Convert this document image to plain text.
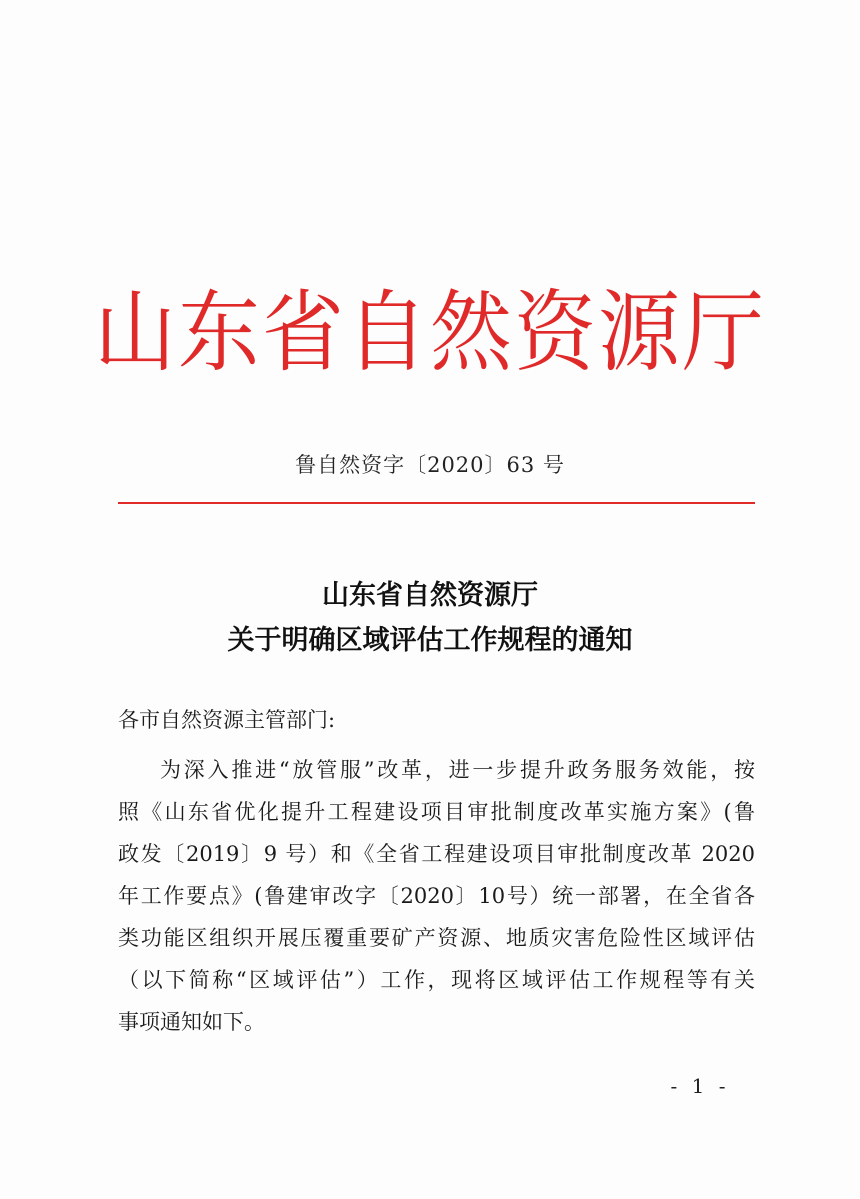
山东省自然资源厅
鲁自然资字〔2020〕63 号
山东省自然资源厅
关于明确区域评估工作规程的通知
各市自然资源主管部门:
为深入推进“放管服”改革，进一步提升政务服务效能，按
照《山东省优化提升工程建设项目审批制度改革实施方案》(鲁
政发〔2019〕9 号）和《全省工程建设项目审批制度改革 2020
年工作要点》(鲁建审改字〔2020〕10号）统一部署，在全省各
类功能区组织开展压覆重要矿产资源、地质灾害危险性区域评估
（以下简称“区域评估”）工作，现将区域评估工作规程等有关
事项通知如下。
- 1 -
